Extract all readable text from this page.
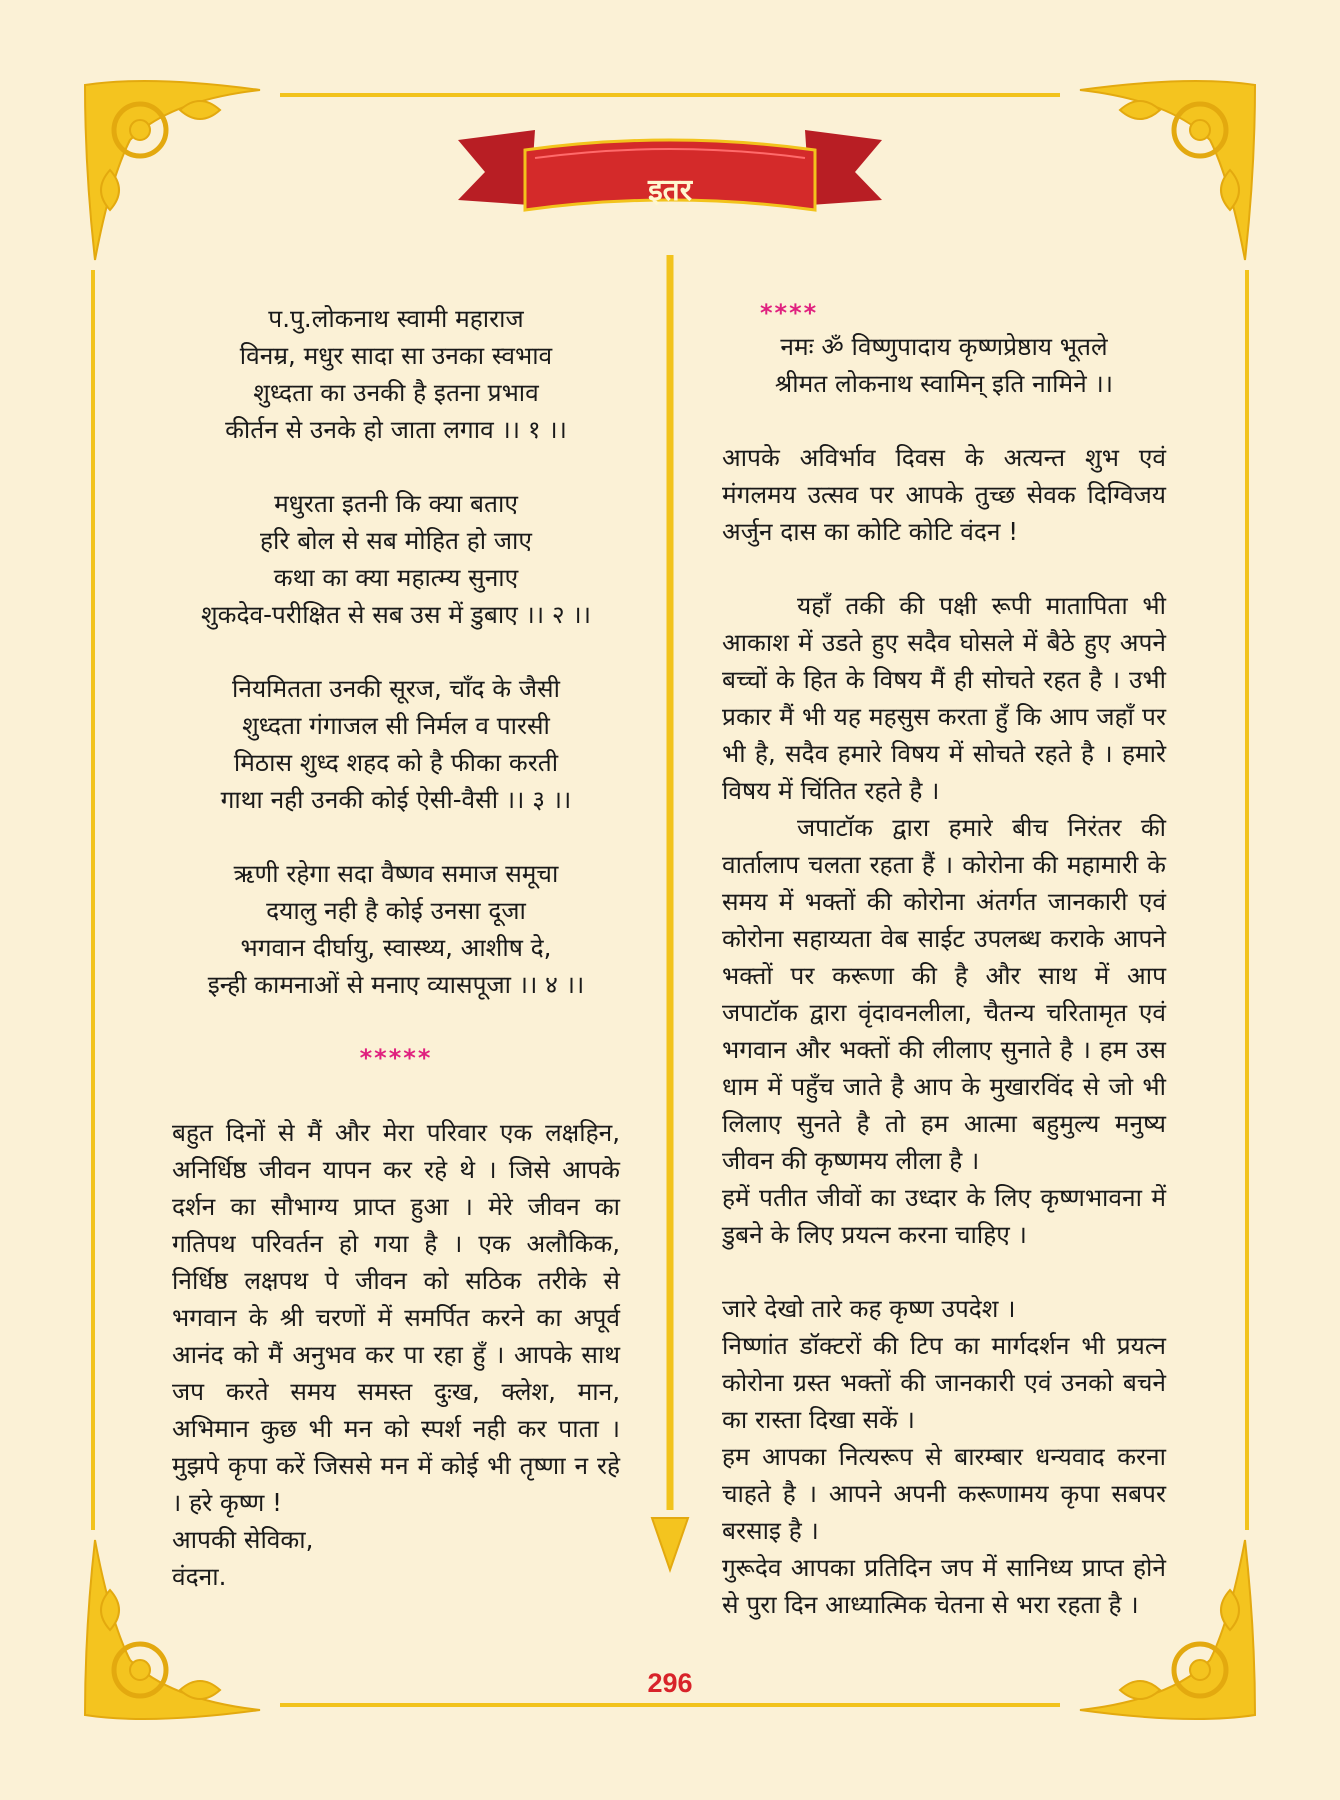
इतर
प.पु.लोकनाथ स्वामी महाराज
विनम्र, मधुर सादा सा उनका स्वभाव
शुध्दता का उनकी है इतना प्रभाव
कीर्तन से उनके हो जाता लगाव ।। १ ।।
मधुरता इतनी कि क्या बताए
हरि बोल से सब मोहित हो जाए
कथा का क्या महात्म्य सुनाए
शुकदेव-परीक्षित से सब उस में डुबाए ।। २ ।।
नियमितता उनकी सूरज, चाँद के जैसी
शुध्दता गंगाजल सी निर्मल व पारसी
मिठास शुध्द शहद को है फीका करती
गाथा नही उनकी कोई ऐसी-वैसी ।। ३ ।।
ऋणी रहेगा सदा वैष्णव समाज समूचा
दयालु नही है कोई उनसा दूजा
भगवान दीर्घायु, स्वास्थ्य, आशीष दे,
इन्ही कामनाओं से मनाए व्यासपूजा ।। ४ ।।
*****

बहुत दिनों से मैं और मेरा परिवार एक लक्षहिन, अनिर्धिष्ठ जीवन यापन कर रहे थे । जिसे आपके दर्शन का सौभाग्य प्राप्त हुआ । मेरे जीवन का गतिपथ परिवर्तन हो गया है । एक अलौकिक, निर्धिष्ठ लक्षपथ पे जीवन को सठिक तरीके से भगवान के श्री चरणों में समर्पित करने का अपूर्व आनंद को मैं अनुभव कर पा रहा हुँ । आपके साथ जप करते समय समस्त दुःख, क्लेश, मान, अभिमान कुछ भी मन को स्पर्श नही कर पाता । मुझपे कृपा करें जिससे मन में कोई भी तृष्णा न रहे । हरे कृष्ण !

आपकी सेविका,

वंदना.

****
नमः ॐ विष्णुपादाय कृष्णप्रेष्ठाय भूतले
श्रीमत लोकनाथ स्वामिन् इति नामिने ।।

आपके अविर्भाव दिवस के अत्यन्त शुभ एवं मंगलमय उत्सव पर आपके तुच्छ सेवक दिग्विजय अर्जुन दास का कोटि कोटि वंदन !

यहाँ तकी की पक्षी रूपी मातापिता भी आकाश में उडते हुए सदैव घोसले में बैठे हुए अपने बच्चों के हित के विषय मैं ही सोचते रहत है । उभी प्रकार मैं भी यह महसुस करता हुँ कि आप जहाँ पर भी है, सदैव हमारे विषय में सोचते रहते है । हमारे विषय में चिंतित रहते है ।

जपाटॉक द्वारा हमारे बीच निरंतर की वार्तालाप चलता रहता हैं । कोरोना की महामारी के समय में भक्तों की कोरोना अंतर्गत जानकारी एवं कोरोना सहाय्यता वेब साईट उपलब्ध कराके आपने भक्तों पर करूणा की है और साथ में आप जपाटॉक द्वारा वृंदावनलीला, चैतन्य चरितामृत एवं भगवान और भक्तों की लीलाए सुनाते है । हम उस धाम में पहुँच जाते है आप के मुखारविंद से जो भी लिलाए सुनते है तो हम आत्मा बहुमुल्य मनुष्य जीवन की कृष्णमय लीला है ।

हमें पतीत जीवों का उध्दार के लिए कृष्णभावना में डुबने के लिए प्रयत्न करना चाहिए ।

जारे देखो तारे कह कृष्ण उपदेश ।

निष्णांत डॉक्टरों की टिप का मार्गदर्शन भी प्रयत्न कोरोना ग्रस्त भक्तों की जानकारी एवं उनको बचने का रास्ता दिखा सकें ।

हम आपका नित्यरूप से बारम्बार धन्यवाद करना चाहते है । आपने अपनी करूणामय कृपा सबपर बरसाइ है ।

गुरूदेव आपका प्रतिदिन जप में सानिध्य प्राप्त होने से पुरा दिन आध्यात्मिक चेतना से भरा रहता है ।

296
